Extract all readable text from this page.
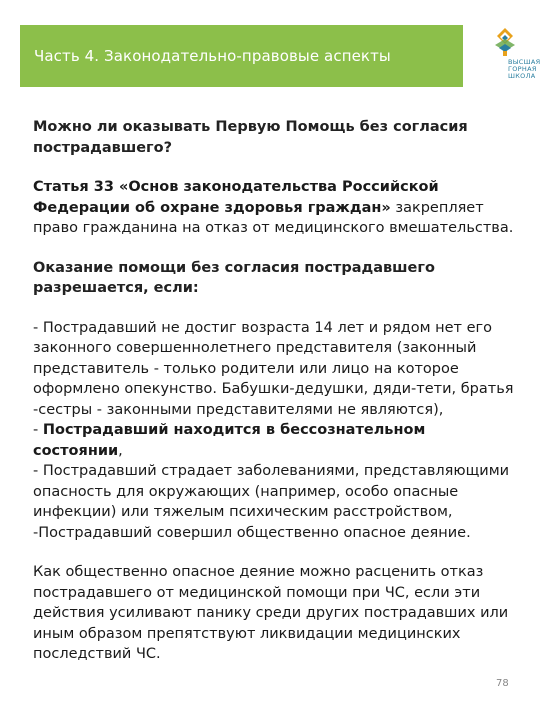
Часть 4. Законодательно-правовые аспекты	ВЫСШАЯ
ГОРНАЯ
ШКОЛА

Можно ли оказывать Первую Помощь без согласия пострадавшего?

Статья 33 «Основ законодательства Российской Федерации об охране здоровья граждан» закрепляет право гражданина на отказ от медицинского вмешательства.

Оказание помощи без согласия пострадавшего разрешается, если:

- Пострадавший не достиг возраста 14 лет и рядом нет его законного совершеннолетнего представителя (законный представитель - только родители или лицо на которое оформлено опекунство. Бабушки-дедушки, дяди-тети, братья -сестры - законными представителями не являются),

- Пострадавший находится в бессознательном состоянии,

- Пострадавший страдает заболеваниями, представляющими опасность для окружающих (например, особо опасные инфекции) или тяжелым психическим расстройством,

-Пострадавший совершил общественно опасное деяние.

Как общественно опасное деяние можно расценить отказ пострадавшего от медицинской помощи при ЧС, если эти действия усиливают панику среди других пострадавших или иным образом препятствуют ликвидации медицинских последствий ЧС.

78
